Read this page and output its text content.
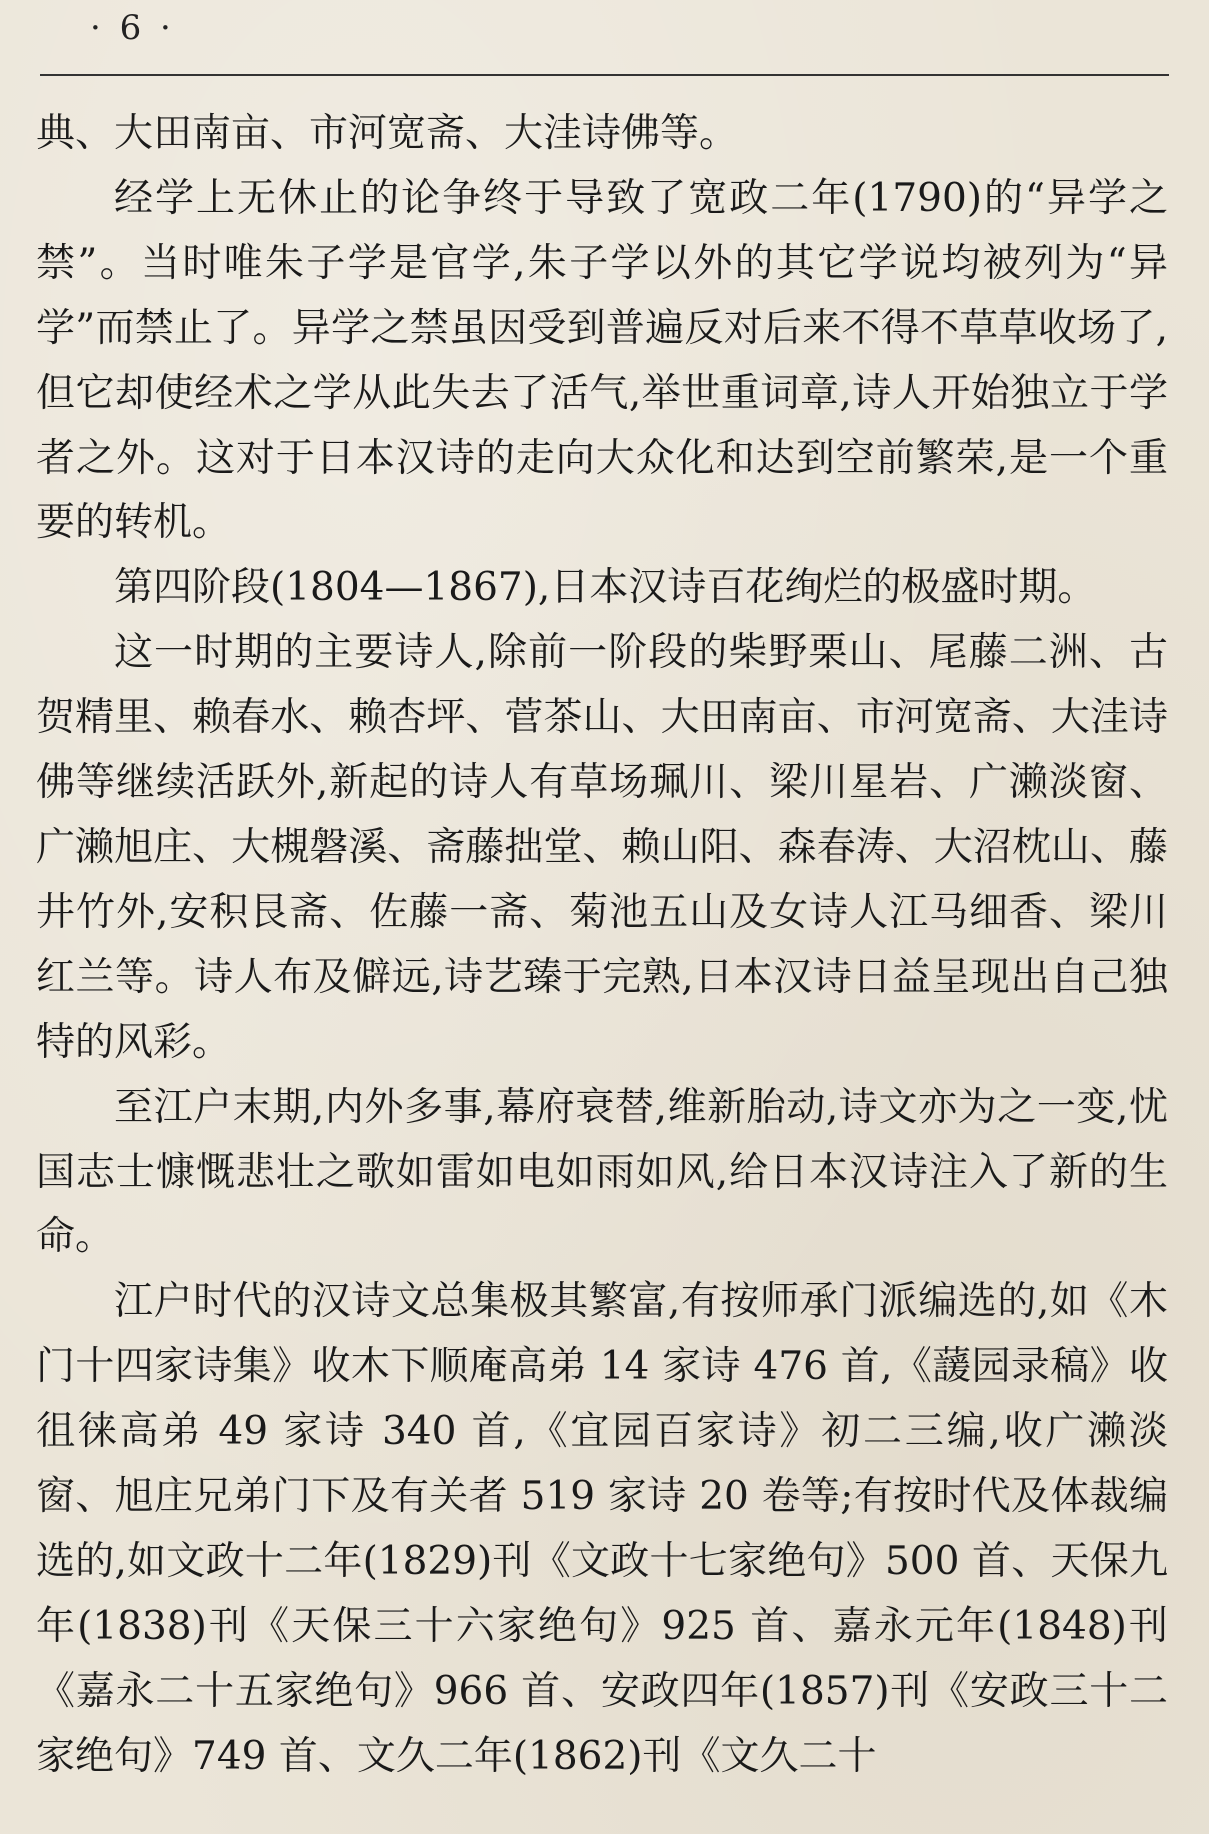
· 6 ·

典、大田南亩、市河宽斋、大洼诗佛等。

经学上无休止的论争终于导致了宽政二年(1790)的“异学之禁”。当时唯朱子学是官学,朱子学以外的其它学说均被列为“异学”而禁止了。异学之禁虽因受到普遍反对后来不得不草草收场了,但它却使经术之学从此失去了活气,举世重词章,诗人开始独立于学者之外。这对于日本汉诗的走向大众化和达到空前繁荣,是一个重要的转机。

第四阶段(1804—1867),日本汉诗百花绚烂的极盛时期。

这一时期的主要诗人,除前一阶段的柴野栗山、尾藤二洲、古贺精里、赖春水、赖杏坪、菅茶山、大田南亩、市河宽斋、大洼诗佛等继续活跃外,新起的诗人有草场珮川、梁川星岩、广濑淡窗、广濑旭庄、大槻磐溪、斋藤拙堂、赖山阳、森春涛、大沼枕山、藤井竹外,安积艮斋、佐藤一斋、菊池五山及女诗人江马细香、梁川红兰等。诗人布及僻远,诗艺臻于完熟,日本汉诗日益呈现出自己独特的风彩。

至江户末期,内外多事,幕府衰替,维新胎动,诗文亦为之一变,忧国志士慷慨悲壮之歌如雷如电如雨如风,给日本汉诗注入了新的生命。

江户时代的汉诗文总集极其繁富,有按师承门派编选的,如《木门十四家诗集》收木下顺庵高弟 14 家诗 476 首,《蘐园录稿》收徂徕高弟 49 家诗 340 首,《宜园百家诗》初二三编,收广濑淡窗、旭庄兄弟门下及有关者 519 家诗 20 卷等;有按时代及体裁编选的,如文政十二年(1829)刊《文政十七家绝句》500 首、天保九年(1838)刊《天保三十六家绝句》925 首、嘉永元年(1848)刊《嘉永二十五家绝句》966 首、安政四年(1857)刊《安政三十二家绝句》749 首、文久二年(1862)刊《文久二十
